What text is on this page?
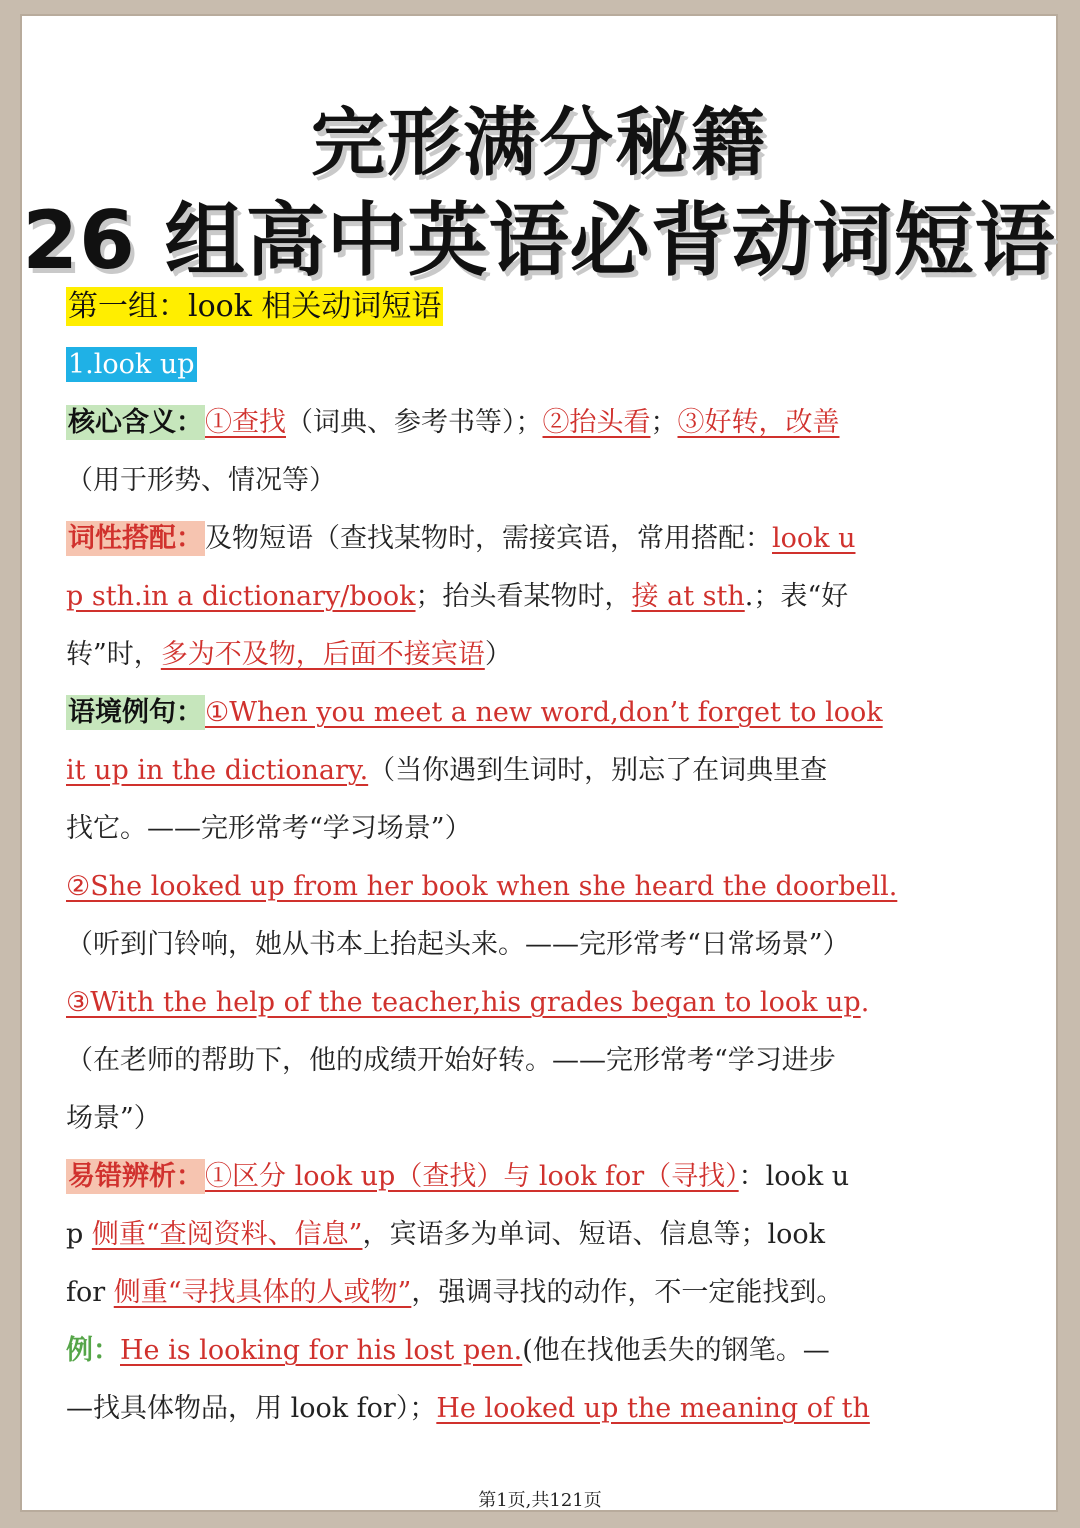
完形满分秘籍
26 组高中英语必背动词短语
第一组：look 相关动词短语
1.look up
核心含义：①查找（词典、参考书等）；②抬头看；③好转，改善
（用于形势、情况等）
词性搭配：及物短语（查找某物时，需接宾语，常用搭配：look u
p sth.in a dictionary/book；抬头看某物时，接 at sth.；表“好
转”时，多为不及物，后面不接宾语）
语境例句：①When you meet a new word,don’t forget to look
it up in the dictionary.（当你遇到生词时，别忘了在词典里查
找它。——完形常考“学习场景”）
②She looked up from her book when she heard the doorbell.
（听到门铃响，她从书本上抬起头来。——完形常考“日常场景”）
③With the help of the teacher,his grades began to look up.
（在老师的帮助下，他的成绩开始好转。——完形常考“学习进步
场景”）
易错辨析：①区分 look up（查找）与 look for（寻找）：look u
p 侧重“查阅资料、信息”，宾语多为单词、短语、信息等；look
for 侧重“寻找具体的人或物”，强调寻找的动作，不一定能找到。
例：He is looking for his lost pen.(他在找他丢失的钢笔。—
—找具体物品，用 look for）；He looked up the meaning of th
第1页,共121页
